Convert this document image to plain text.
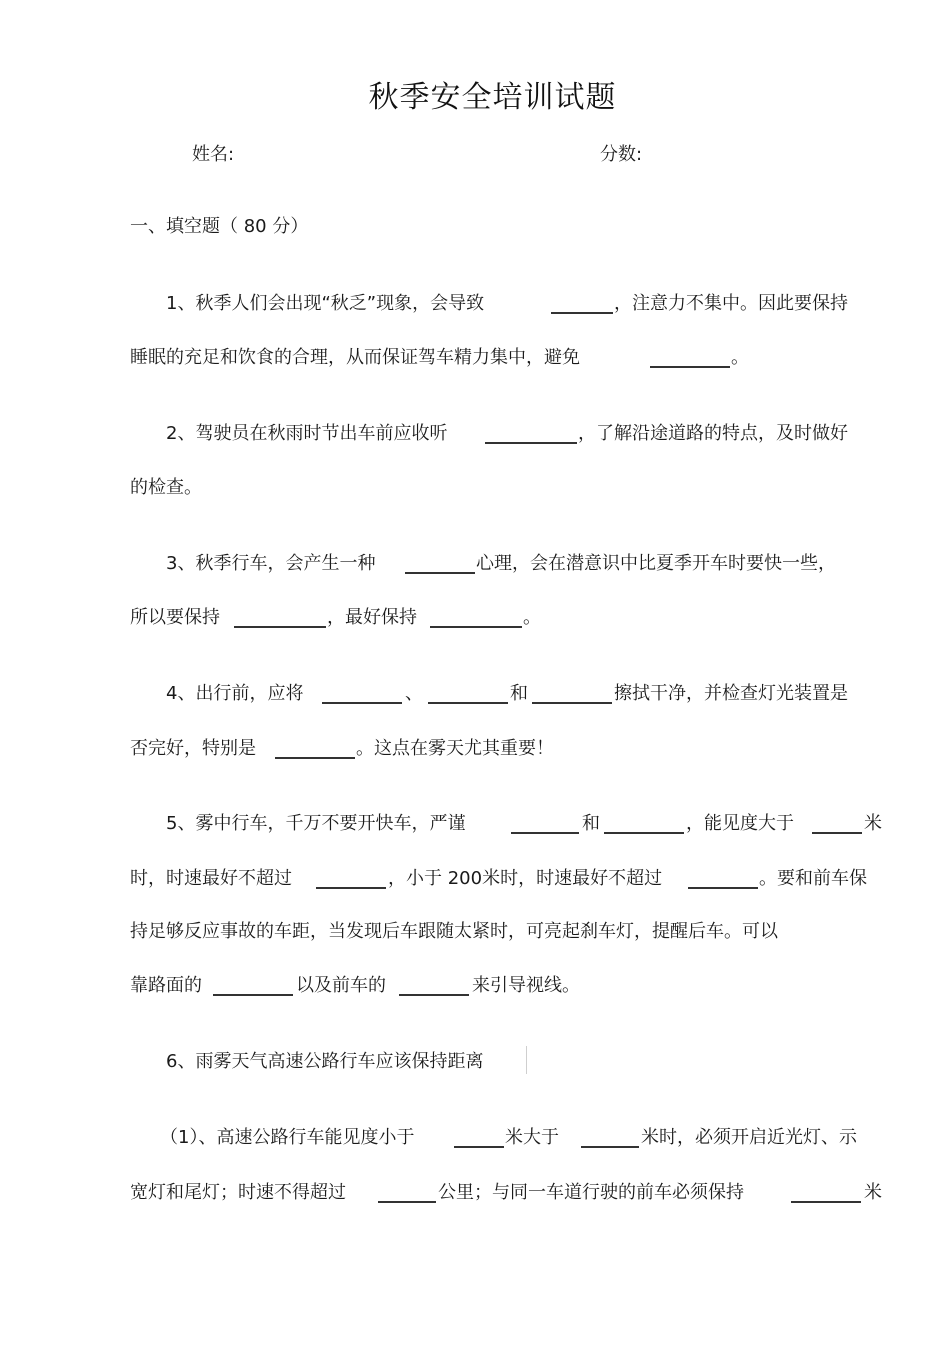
秋季安全培训试题
姓名:	分数:
一、填空题（ 80 分）
1、秋季人们会出现“秋乏”现象，会导致	，注意力不集中。因此要保持
睡眠的充足和饮食的合理，从而保证驾车精力集中，避免	。
2、驾驶员在秋雨时节出车前应收听	，了解沿途道路的特点，及时做好
的检查。
3、秋季行车，会产生一种	心理，会在潜意识中比夏季开车时要快一些，
所以要保持	，最好保持	。
4、出行前，应将	、	和	擦拭干净，并检查灯光装置是
否完好，特别是	。这点在雾天尤其重要！
5、雾中行车，千万不要开快车，严谨	和	，能见度大于	米
时，时速最好不超过	，小于 200米时，时速最好不超过	。要和前车保
持足够反应事故的车距，当发现后车跟随太紧时，可亮起刹车灯，提醒后车。可以
靠路面的	以及前车的	来引导视线。
6、雨雾天气高速公路行车应该保持距离
（1）、高速公路行车能见度小于	米大于	米时，必须开启近光灯、示
宽灯和尾灯；时速不得超过	公里；与同一车道行驶的前车必须保持	米
